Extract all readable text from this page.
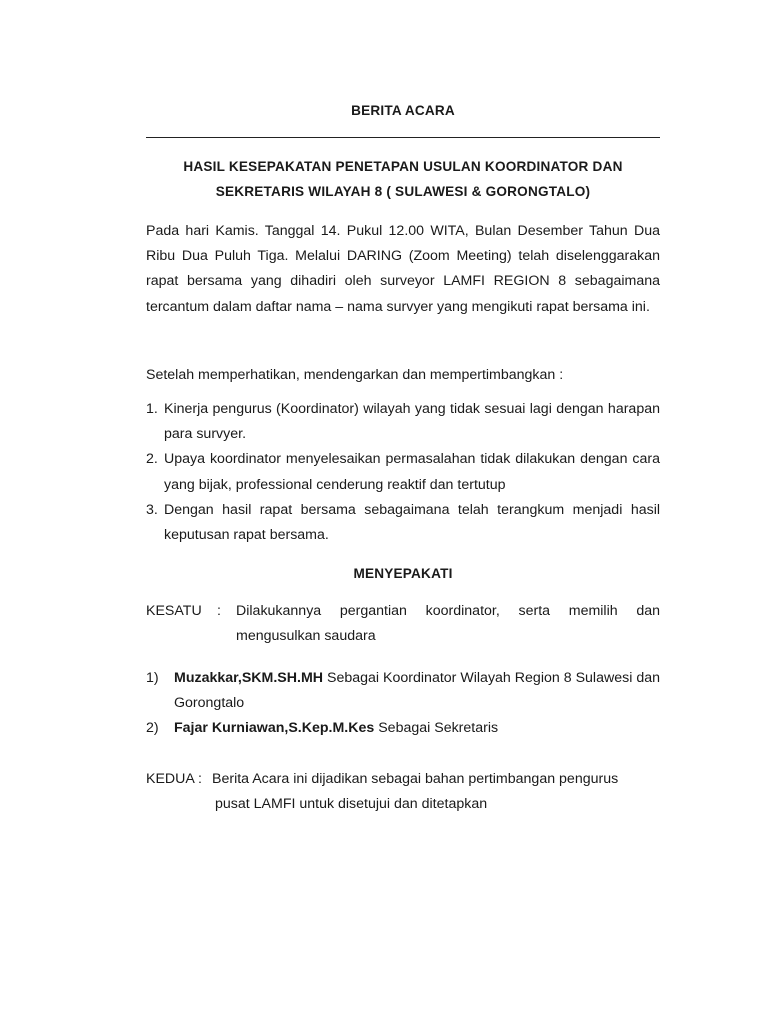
BERITA ACARA
HASIL KESEPAKATAN PENETAPAN USULAN KOORDINATOR DAN
SEKRETARIS WILAYAH 8 ( SULAWESI & GORONGTALO)
Pada hari Kamis. Tanggal 14. Pukul 12.00 WITA, Bulan Desember Tahun Dua Ribu Dua Puluh Tiga. Melalui DARING (Zoom Meeting) telah diselenggarakan rapat bersama yang dihadiri oleh surveyor LAMFI REGION 8 sebagaimana tercantum dalam daftar nama – nama survyer yang mengikuti rapat bersama ini.
Setelah memperhatikan, mendengarkan dan mempertimbangkan :
1. Kinerja pengurus (Koordinator) wilayah yang tidak sesuai lagi dengan harapan para survyer.
2. Upaya koordinator menyelesaikan permasalahan tidak dilakukan dengan cara yang bijak, professional cenderung reaktif dan tertutup
3. Dengan hasil rapat bersama sebagaimana telah terangkum menjadi hasil keputusan rapat bersama.
MENYEPAKATI
KESATU : Dilakukannya pergantian koordinator, serta memilih dan mengusulkan saudara
1) Muzakkar,SKM.SH.MH Sebagai Koordinator Wilayah Region 8 Sulawesi dan Gorongtalo
2) Fajar Kurniawan,S.Kep.M.Kes Sebagai Sekretaris
KEDUA : Berita Acara ini dijadikan sebagai bahan pertimbangan pengurus
pusat LAMFI untuk disetujui dan ditetapkan
